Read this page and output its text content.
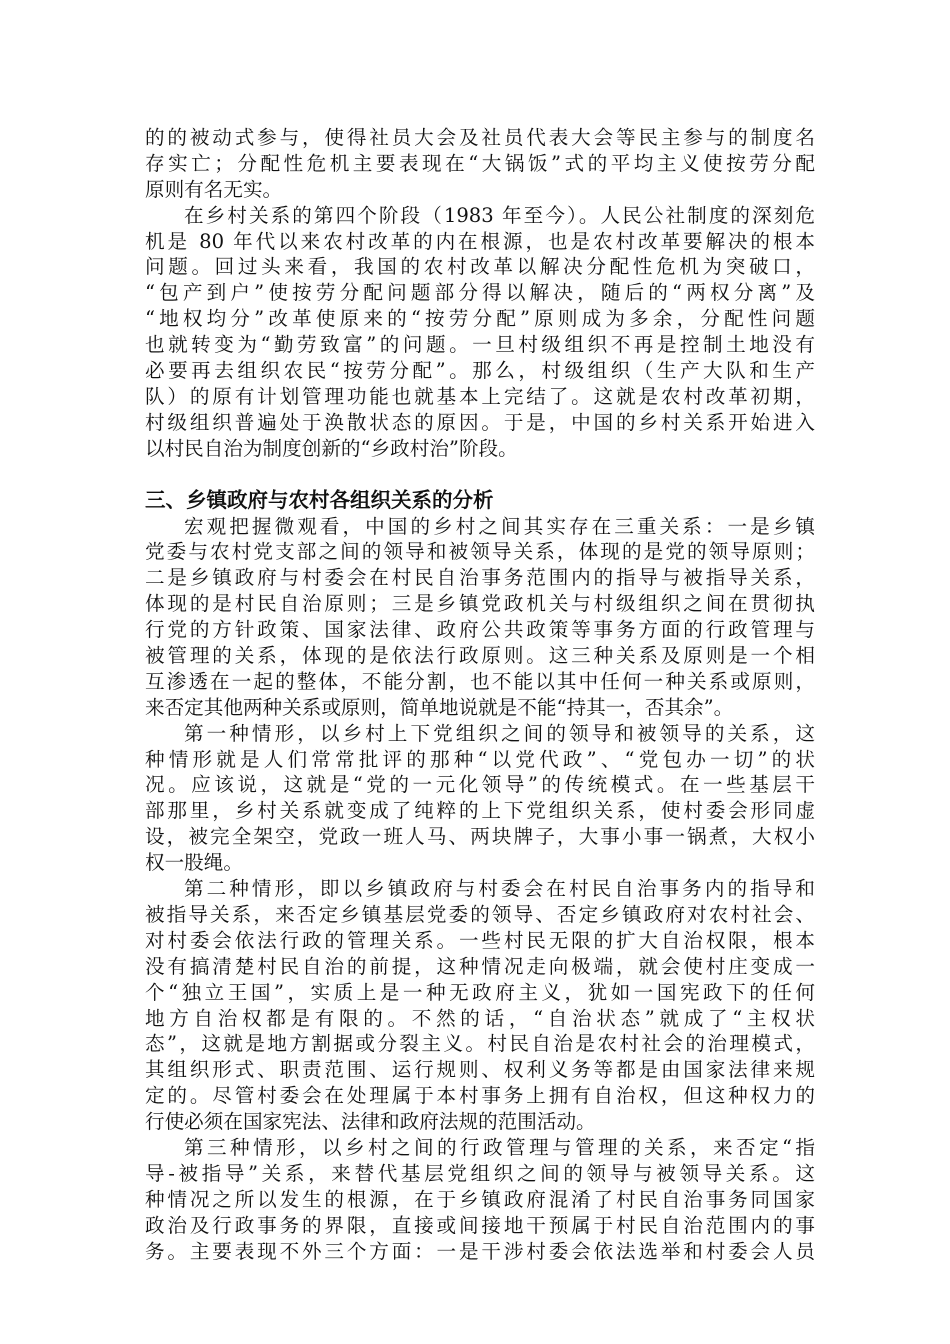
的的被动式参与，使得社员大会及社员代表大会等民主参与的制度名
存实亡；分配性危机主要表现在“大锅饭”式的平均主义使按劳分配
原则有名无实。
在乡村关系的第四个阶段（1983 年至今）。人民公社制度的深刻危
机是 80 年代以来农村改革的内在根源，也是农村改革要解决的根本
问题。回过头来看，我国的农村改革以解决分配性危机为突破口，
“包产到户”使按劳分配问题部分得以解决，随后的“两权分离”及
“地权均分”改革使原来的“按劳分配”原则成为多余，分配性问题
也就转变为“勤劳致富”的问题。一旦村级组织不再是控制土地没有
必要再去组织农民“按劳分配”。那么，村级组织（生产大队和生产
队）的原有计划管理功能也就基本上完结了。这就是农村改革初期，
村级组织普遍处于涣散状态的原因。于是，中国的乡村关系开始进入
以村民自治为制度创新的“乡政村治”阶段。
三、乡镇政府与农村各组织关系的分析
宏观把握微观看，中国的乡村之间其实存在三重关系：一是乡镇
党委与农村党支部之间的领导和被领导关系，体现的是党的领导原则；
二是乡镇政府与村委会在村民自治事务范围内的指导与被指导关系，
体现的是村民自治原则；三是乡镇党政机关与村级组织之间在贯彻执
行党的方针政策、国家法律、政府公共政策等事务方面的行政管理与
被管理的关系，体现的是依法行政原则。这三种关系及原则是一个相
互渗透在一起的整体，不能分割，也不能以其中任何一种关系或原则，
来否定其他两种关系或原则，简单地说就是不能“持其一，否其余”。
第一种情形，以乡村上下党组织之间的领导和被领导的关系，这
种情形就是人们常常批评的那种“以党代政”、“党包办一切”的状
况。应该说，这就是“党的一元化领导”的传统模式。在一些基层干
部那里，乡村关系就变成了纯粹的上下党组织关系，使村委会形同虚
设，被完全架空，党政一班人马、两块牌子，大事小事一锅煮，大权小
权一股绳。
第二种情形，即以乡镇政府与村委会在村民自治事务内的指导和
被指导关系，来否定乡镇基层党委的领导、否定乡镇政府对农村社会、
对村委会依法行政的管理关系。一些村民无限的扩大自治权限，根本
没有搞清楚村民自治的前提，这种情况走向极端，就会使村庄变成一
个“独立王国”，实质上是一种无政府主义，犹如一国宪政下的任何
地方自治权都是有限的。不然的话，“自治状态”就成了“主权状
态”，这就是地方割据或分裂主义。村民自治是农村社会的治理模式，
其组织形式、职责范围、运行规则、权利义务等都是由国家法律来规
定的。尽管村委会在处理属于本村事务上拥有自治权，但这种权力的
行使必须在国家宪法、法律和政府法规的范围活动。
第三种情形，以乡村之间的行政管理与管理的关系，来否定“指
导-被指导”关系，来替代基层党组织之间的领导与被领导关系。这
种情况之所以发生的根源，在于乡镇政府混淆了村民自治事务同国家
政治及行政事务的界限，直接或间接地干预属于村民自治范围内的事
务。主要表现不外三个方面：一是干涉村委会依法选举和村委会人员
